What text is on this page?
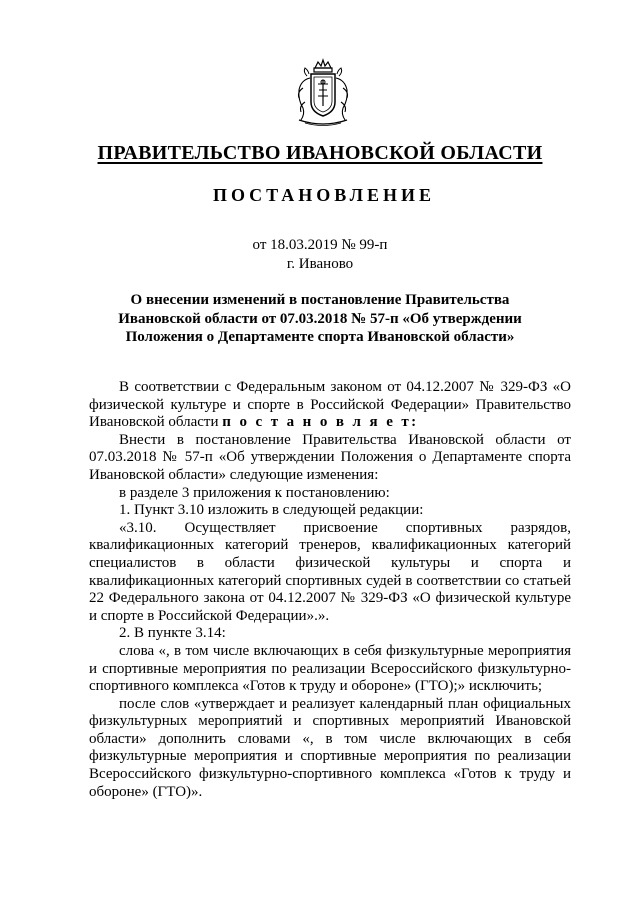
ПРАВИТЕЛЬСТВО ИВАНОВСКОЙ ОБЛАСТИ
ПОСТАНОВЛЕНИЕ
от 18.03.2019 № 99-п
г. Иваново
О внесении изменений в постановление Правительства Ивановской области от 07.03.2018 № 57-п «Об утверждении Положения о Департаменте спорта Ивановской области»

В соответствии с Федеральным законом от 04.12.2007 № 329-ФЗ «О физической культуре и спорте в Российской Федерации» Правительство Ивановской области п о с т а н о в л я е т:

Внести в постановление Правительства Ивановской области от 07.03.2018 № 57-п «Об утверждении Положения о Департаменте спорта Ивановской области» следующие изменения:

в разделе 3 приложения к постановлению:

1. Пункт 3.10 изложить в следующей редакции:

«3.10. Осуществляет присвоение спортивных разрядов, квалификационных категорий тренеров, квалификационных категорий специалистов в области физической культуры и спорта и квалификационных категорий спортивных судей в соответствии со статьей 22 Федерального закона от 04.12.2007 № 329-ФЗ «О физической культуре и спорте в Российской Федерации».».

2. В пункте 3.14:

слова «, в том числе включающих в себя физкультурные мероприятия и спортивные мероприятия по реализации Всероссийского физкультурно-спортивного комплекса «Готов к труду и обороне» (ГТО);» исключить;

после слов «утверждает и реализует календарный план официальных физкультурных мероприятий и спортивных мероприятий Ивановской области» дополнить словами «, в том числе включающих в себя физкультурные мероприятия и спортивные мероприятия по реализации Всероссийского физкультурно-спортивного комплекса «Готов к труду и обороне» (ГТО)».
